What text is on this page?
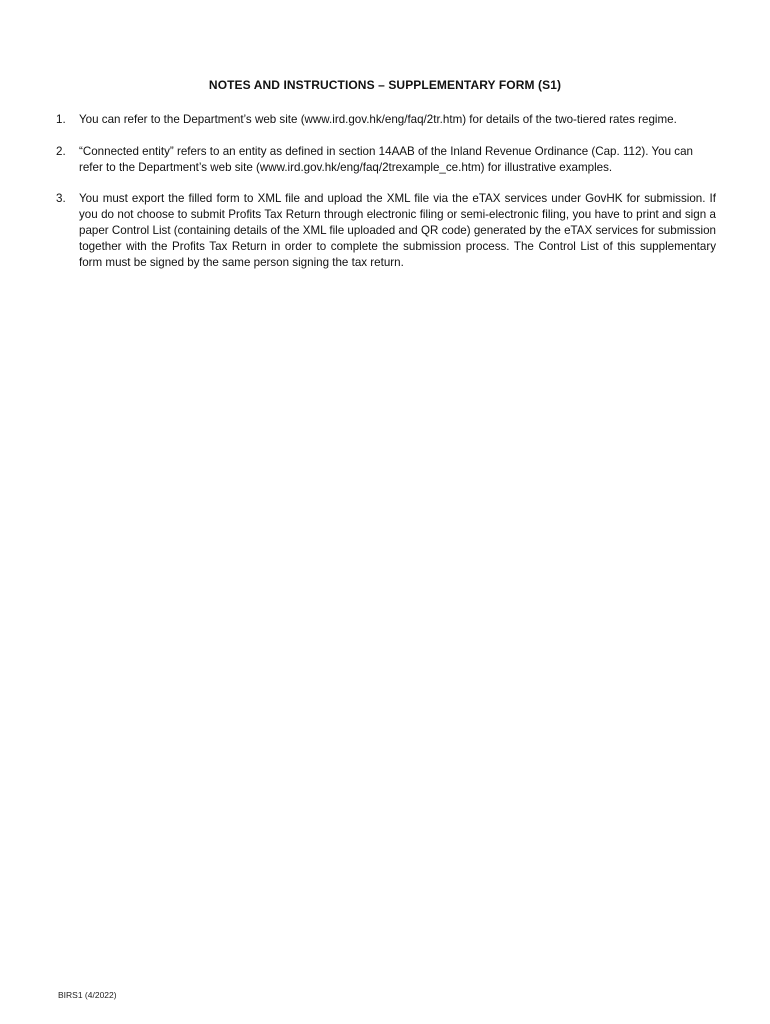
NOTES AND INSTRUCTIONS – SUPPLEMENTARY FORM (S1)
1. You can refer to the Department’s web site (www.ird.gov.hk/eng/faq/2tr.htm) for details of the two-tiered rates regime.
2. “Connected entity” refers to an entity as defined in section 14AAB of the Inland Revenue Ordinance (Cap. 112). You can refer to the Department’s web site (www.ird.gov.hk/eng/faq/2trexample_ce.htm) for illustrative examples.
3. You must export the filled form to XML file and upload the XML file via the eTAX services under GovHK for submission. If you do not choose to submit Profits Tax Return through electronic filing or semi-electronic filing, you have to print and sign a paper Control List (containing details of the XML file uploaded and QR code) generated by the eTAX services for submission together with the Profits Tax Return in order to complete the submission process. The Control List of this supplementary form must be signed by the same person signing the tax return.
BIRS1 (4/2022)
